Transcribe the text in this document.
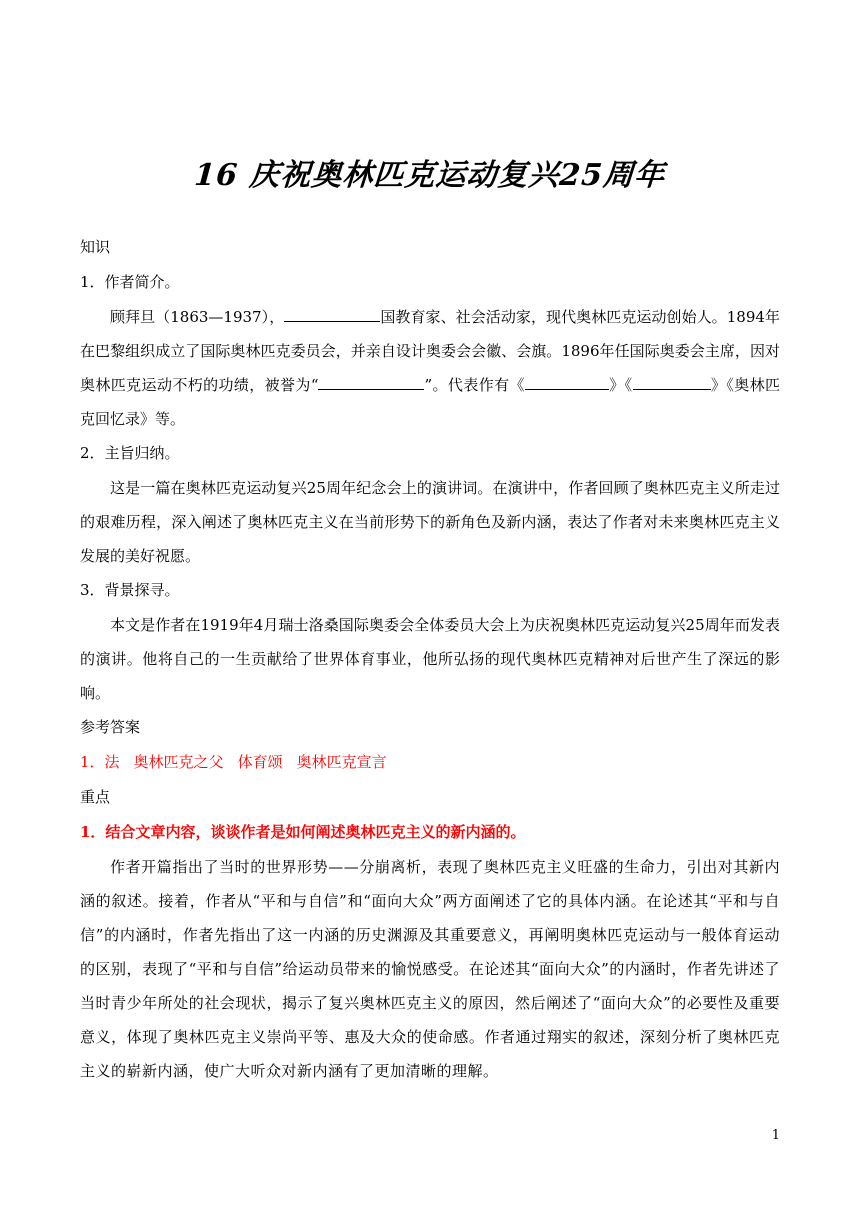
16 庆祝奥林匹克运动复兴25周年
知识
1．作者简介。
顾拜旦（1863—1937），	国教育家、社会活动家，现代奥林匹克运动创始人。1894年在巴黎组织成立了国际奥林匹克委员会，并亲自设计奥委会会徽、会旗。1896年任国际奥委会主席，因对奥林匹克运动不朽的功绩，被誉为“	”。代表作有《	》《	》《奥林匹克回忆录》等。
2．主旨归纳。
这是一篇在奥林匹克运动复兴25周年纪念会上的演讲词。在演讲中，作者回顾了奥林匹克主义所走过的艰难历程，深入阐述了奥林匹克主义在当前形势下的新角色及新内涵，表达了作者对未来奥林匹克主义发展的美好祝愿。
3．背景探寻。
本文是作者在1919年4月瑞士洛桑国际奥委会全体委员大会上为庆祝奥林匹克运动复兴25周年而发表的演讲。他将自己的一生贡献给了世界体育事业，他所弘扬的现代奥林匹克精神对后世产生了深远的影响。
参考答案
1．法 奥林匹克之父 体育颂 奥林匹克宣言
重点
1．结合文章内容，谈谈作者是如何阐述奥林匹克主义的新内涵的。
作者开篇指出了当时的世界形势——分崩离析，表现了奥林匹克主义旺盛的生命力，引出对其新内涵的叙述。接着，作者从“平和与自信”和“面向大众”两方面阐述了它的具体内涵。在论述其“平和与自信”的内涵时，作者先指出了这一内涵的历史渊源及其重要意义，再阐明奥林匹克运动与一般体育运动的区别，表现了“平和与自信”给运动员带来的愉悦感受。在论述其“面向大众”的内涵时，作者先讲述了当时青少年所处的社会现状，揭示了复兴奥林匹克主义的原因，然后阐述了“面向大众”的必要性及重要意义，体现了奥林匹克主义崇尚平等、惠及大众的使命感。作者通过翔实的叙述，深刻分析了奥林匹克主义的崭新内涵，使广大听众对新内涵有了更加清晰的理解。
1
